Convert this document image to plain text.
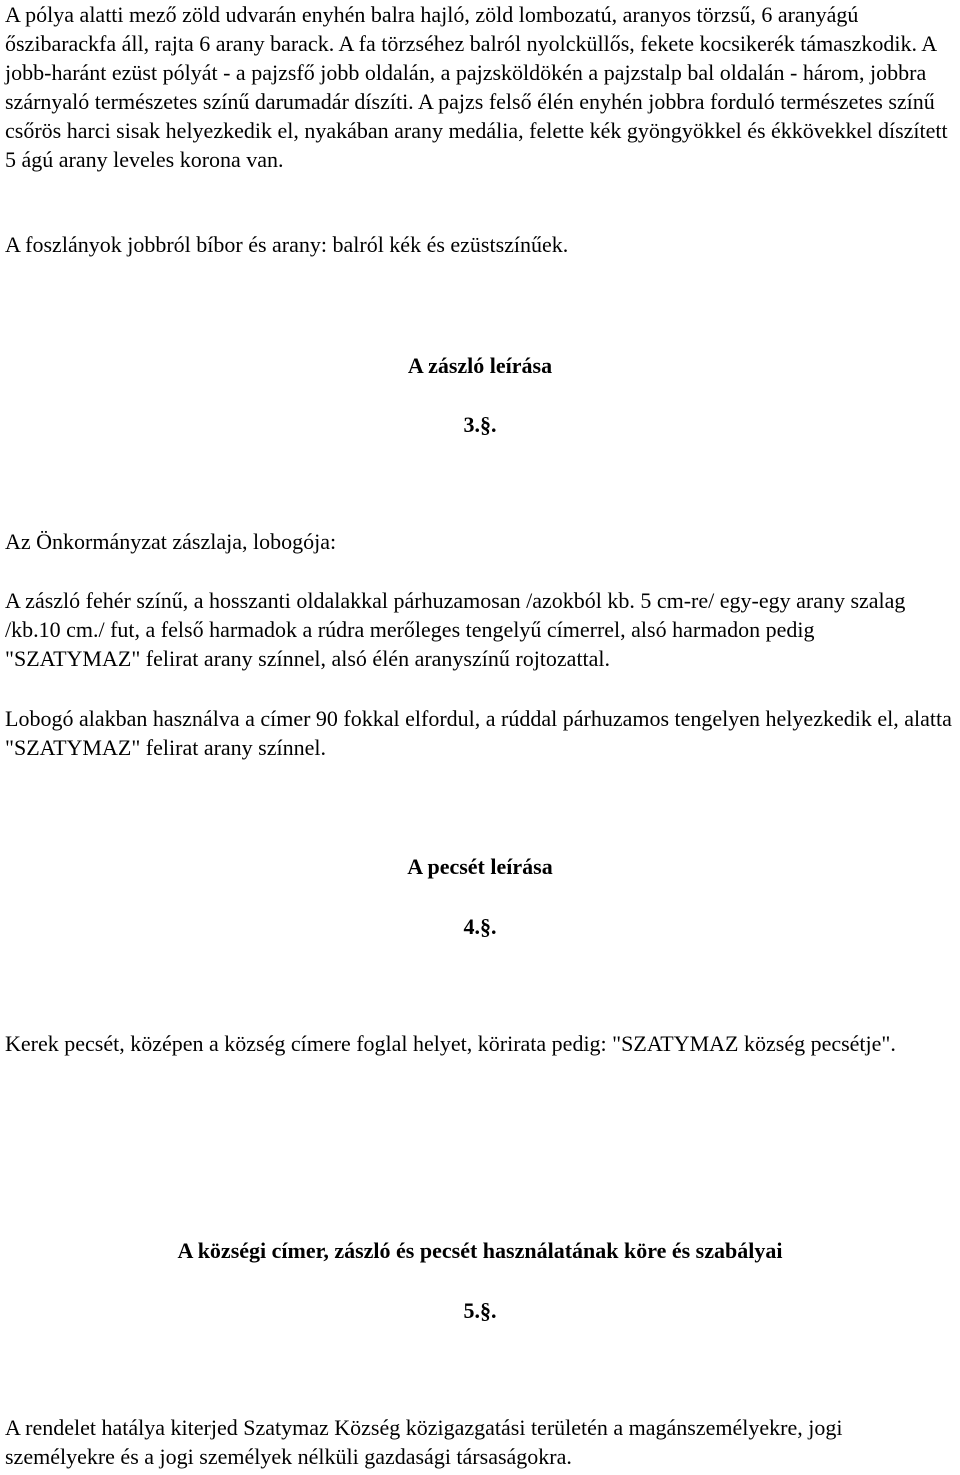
A pólya alatti mező zöld udvarán enyhén balra hajló, zöld lombozatú, aranyos törzsű, 6 aranyágú őszibarackfa áll, rajta 6 arany barack. A fa törzséhez balról nyolcküllős, fekete kocsikerék támaszkodik. A jobb-haránt ezüst pólyát - a pajzsfő jobb oldalán, a pajzsköldökén a pajzstalp bal oldalán - három, jobbra szárnyaló természetes színű darumadár díszíti. A pajzs felső élén enyhén jobbra forduló természetes színű csőrös harci sisak helyezkedik el, nyakában arany medália, felette kék gyöngyökkel és ékkövekkel díszített 5 ágú arany leveles korona van.

A foszlányok jobbról bíbor és arany: balról kék és ezüstszínűek.

A zászló leírása

3.§.

Az Önkormányzat zászlaja, lobogója:

A zászló fehér színű, a hosszanti oldalakkal párhuzamosan /azokból kb. 5 cm-re/ egy-egy arany szalag /kb.10 cm./ fut, a felső harmadok a rúdra merőleges tengelyű címerrel, alsó harmadon pedig "SZATYMAZ" felirat arany színnel, alsó élén aranyszínű rojtozattal.

Lobogó alakban használva a címer 90 fokkal elfordul, a rúddal párhuzamos tengelyen helyezkedik el, alatta "SZATYMAZ" felirat arany színnel.

A pecsét leírása

4.§.

Kerek pecsét, középen a község címere foglal helyet, körirata pedig: "SZATYMAZ község pecsétje".

A községi címer, zászló és pecsét használatának köre és szabályai

5.§.

A rendelet hatálya kiterjed Szatymaz Község közigazgatási területén a magánszemélyekre, jogi személyekre és a jogi személyek nélküli gazdasági társaságokra.
